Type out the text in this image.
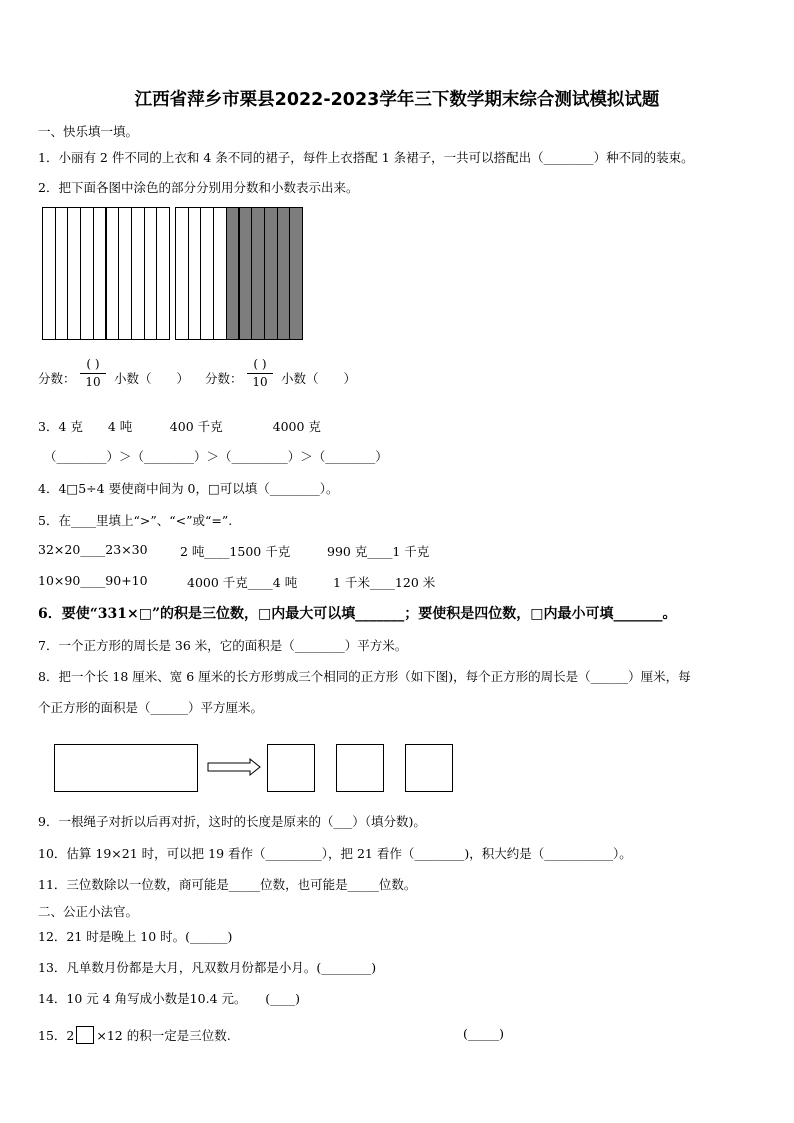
江西省萍乡市栗县2022-2023学年三下数学期末综合测试模拟试题
一、快乐填一填。
1．小丽有 2 件不同的上衣和 4 条不同的裙子，每件上衣搭配 1 条裙子，一共可以搭配出（________）种不同的装束。
2．把下面各图中涂色的部分分别用分数和小数表示出来。
分数：
( )
10	小数（　　） 分数：
( )
10	小数（　　）
3．4 克　　4 吨　　　400 千克　　　　4000 克
（________）＞（________）＞（_________）＞（________）
4．4□5÷4 要使商中间为 0，□可以填（________）。
5．在____里填上“>”、“<”或“=”.
32×20____23×30	2 吨____1500 千克	990 克____1 千克
10×90____90+10	4000 千克____4 吨	1 千米____120 米
6．要使“331×□”的积是三位数，□内最大可以填_______；要使积是四位数，□内最小可填_______。
7．一个正方形的周长是 36 米，它的面积是（________）平方米。
8．把一个长 18 厘米、宽 6 厘米的长方形剪成三个相同的正方形（如下图)，每个正方形的周长是（______）厘米，每
个正方形的面积是（______）平方厘米。
9．一根绳子对折以后再对折，这时的长度是原来的（___）（填分数)。
10．估算 19×21 时，可以把 19 看作（_________），把 21 看作（________)，积大约是（___________）。
11．三位数除以一位数，商可能是_____位数，也可能是_____位数。
二、公正小法官。
12．21 时是晚上 10 时。(______)
13．凡单数月份都是大月，凡双数月份都是小月。(________)
14．10 元 4 角写成小数是10.4 元。　　(____)
15．2 ×12 的积一定是三位数.	(_____)
